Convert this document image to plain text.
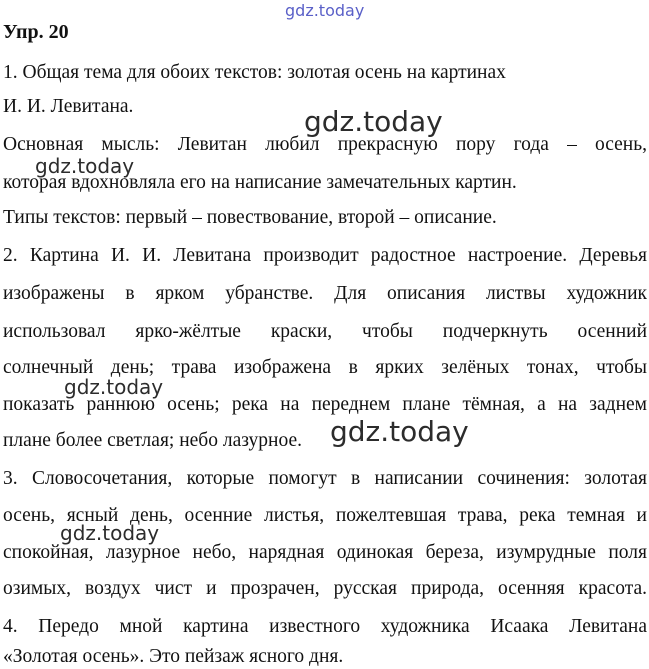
gdz.today
Упр. 20
1. Общая тема для обоих текстов: золотая осень на картинах
И. И. Левитана.
Основная мысль: Левитан любил прекрасную пору года – осень,
которая вдохновляла его на написание замечательных картин.
Типы текстов: первый – повествование, второй – описание.
2. Картина И. И. Левитана производит радостное настроение. Деревья
изображены в ярком убранстве. Для описания листвы художник
использовал ярко-жёлтые краски, чтобы подчеркнуть осенний
солнечный день; трава изображена в ярких зелёных тонах, чтобы
показать раннюю осень; река на переднем плане тёмная, а на заднем
плане более светлая; небо лазурное.
3. Словосочетания, которые помогут в написании сочинения: золотая
осень, ясный день, осенние листья, пожелтевшая трава, река темная и
спокойная, лазурное небо, нарядная одинокая береза, изумрудные поля
озимых, воздух чист и прозрачен, русская природа, осенняя красота.
4. Передо мной картина известного художника Исаака Левитана
«Золотая осень». Это пейзаж ясного дня.
gdz.today
gdz.today
gdz.today
gdz.today
gdz.today
